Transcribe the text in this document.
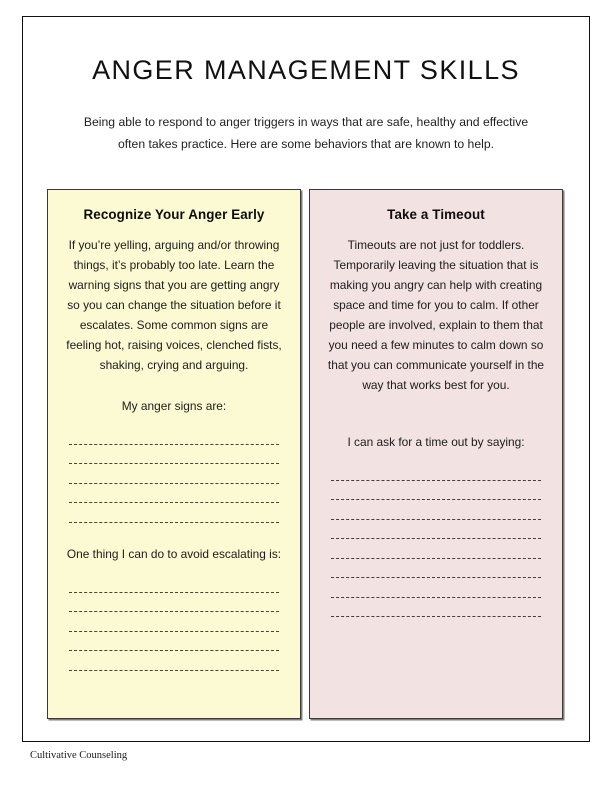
ANGER MANAGEMENT SKILLS

Being able to respond to anger triggers in ways that are safe, healthy and effective often takes practice. Here are some behaviors that are known to help.

Recognize Your Anger Early

If you’re yelling, arguing and/or throwing things, it’s probably too late. Learn the warning signs that you are getting angry so you can change the situation before it escalates. Some common signs are feeling hot, raising voices, clenched fists, shaking, crying and arguing.

My anger signs are:

One thing I can do to avoid escalating is:

Take a Timeout

Timeouts are not just for toddlers. Temporarily leaving the situation that is making you angry can help with creating space and time for you to calm. If other people are involved, explain to them that you need a few minutes to calm down so that you can communicate yourself in the way that works best for you.

I can ask for a time out by saying:

Cultivative Counseling
